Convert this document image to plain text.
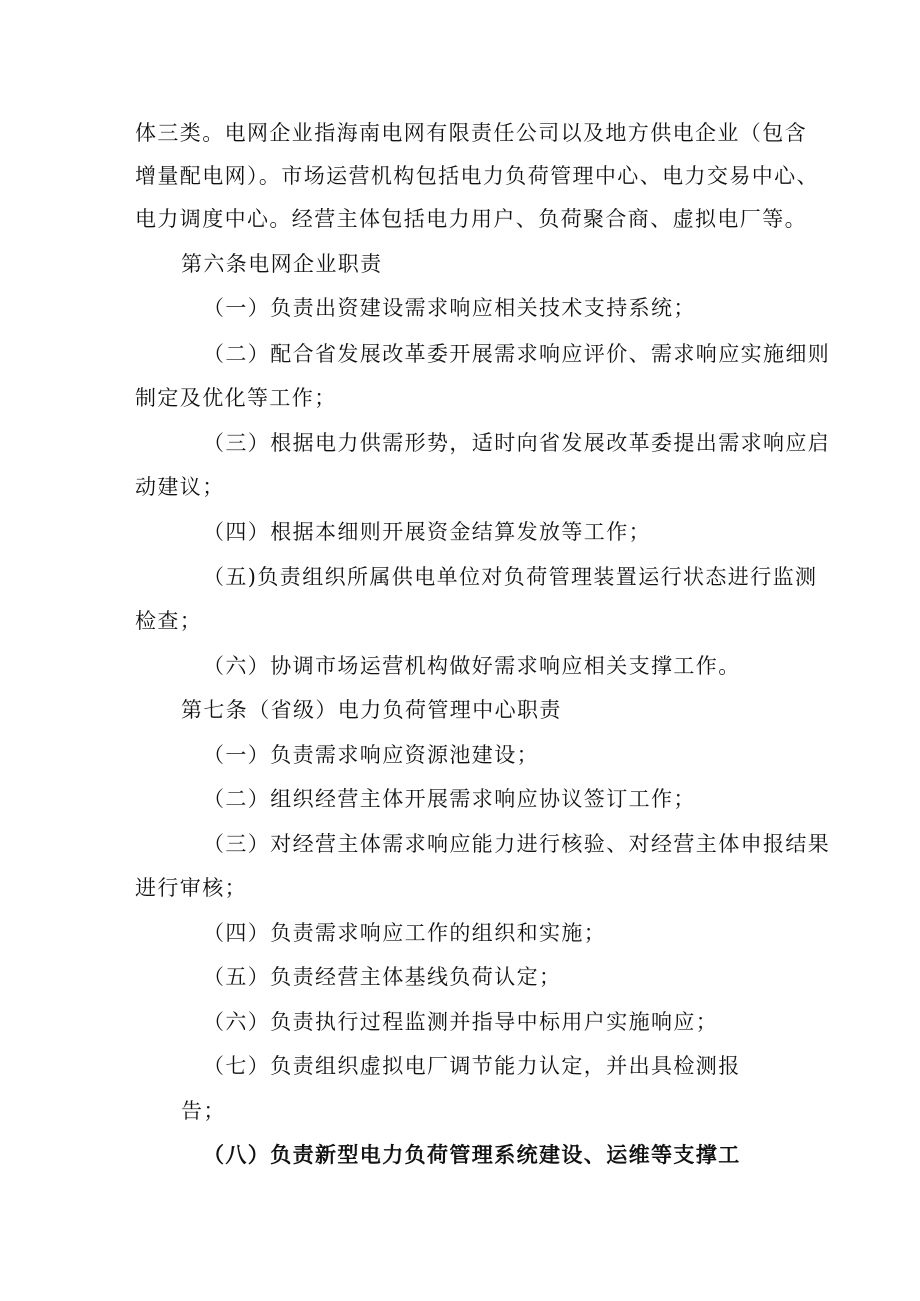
体三类。电网企业指海南电网有限责任公司以及地方供电企业（包含
增量配电网）。市场运营机构包括电力负荷管理中心、电力交易中心、
电力调度中心。经营主体包括电力用户、负荷聚合商、虚拟电厂等。
第六条电网企业职责
（一）负责出资建设需求响应相关技术支持系统；
（二）配合省发展改革委开展需求响应评价、需求响应实施细则
制定及优化等工作；
（三）根据电力供需形势，适时向省发展改革委提出需求响应启
动建议；
（四）根据本细则开展资金结算发放等工作；
（五)负责组织所属供电单位对负荷管理装置运行状态进行监测
检查；
（六）协调市场运营机构做好需求响应相关支撑工作。
第七条（省级）电力负荷管理中心职责
（一）负责需求响应资源池建设；
（二）组织经营主体开展需求响应协议签订工作；
（三）对经营主体需求响应能力进行核验、对经营主体申报结果
进行审核；
（四）负责需求响应工作的组织和实施；
（五）负责经营主体基线负荷认定；
（六）负责执行过程监测并指导中标用户实施响应；
（七）负责组织虚拟电厂调节能力认定，并出具检测报
告；
（八）负责新型电力负荷管理系统建设、运维等支撑工
